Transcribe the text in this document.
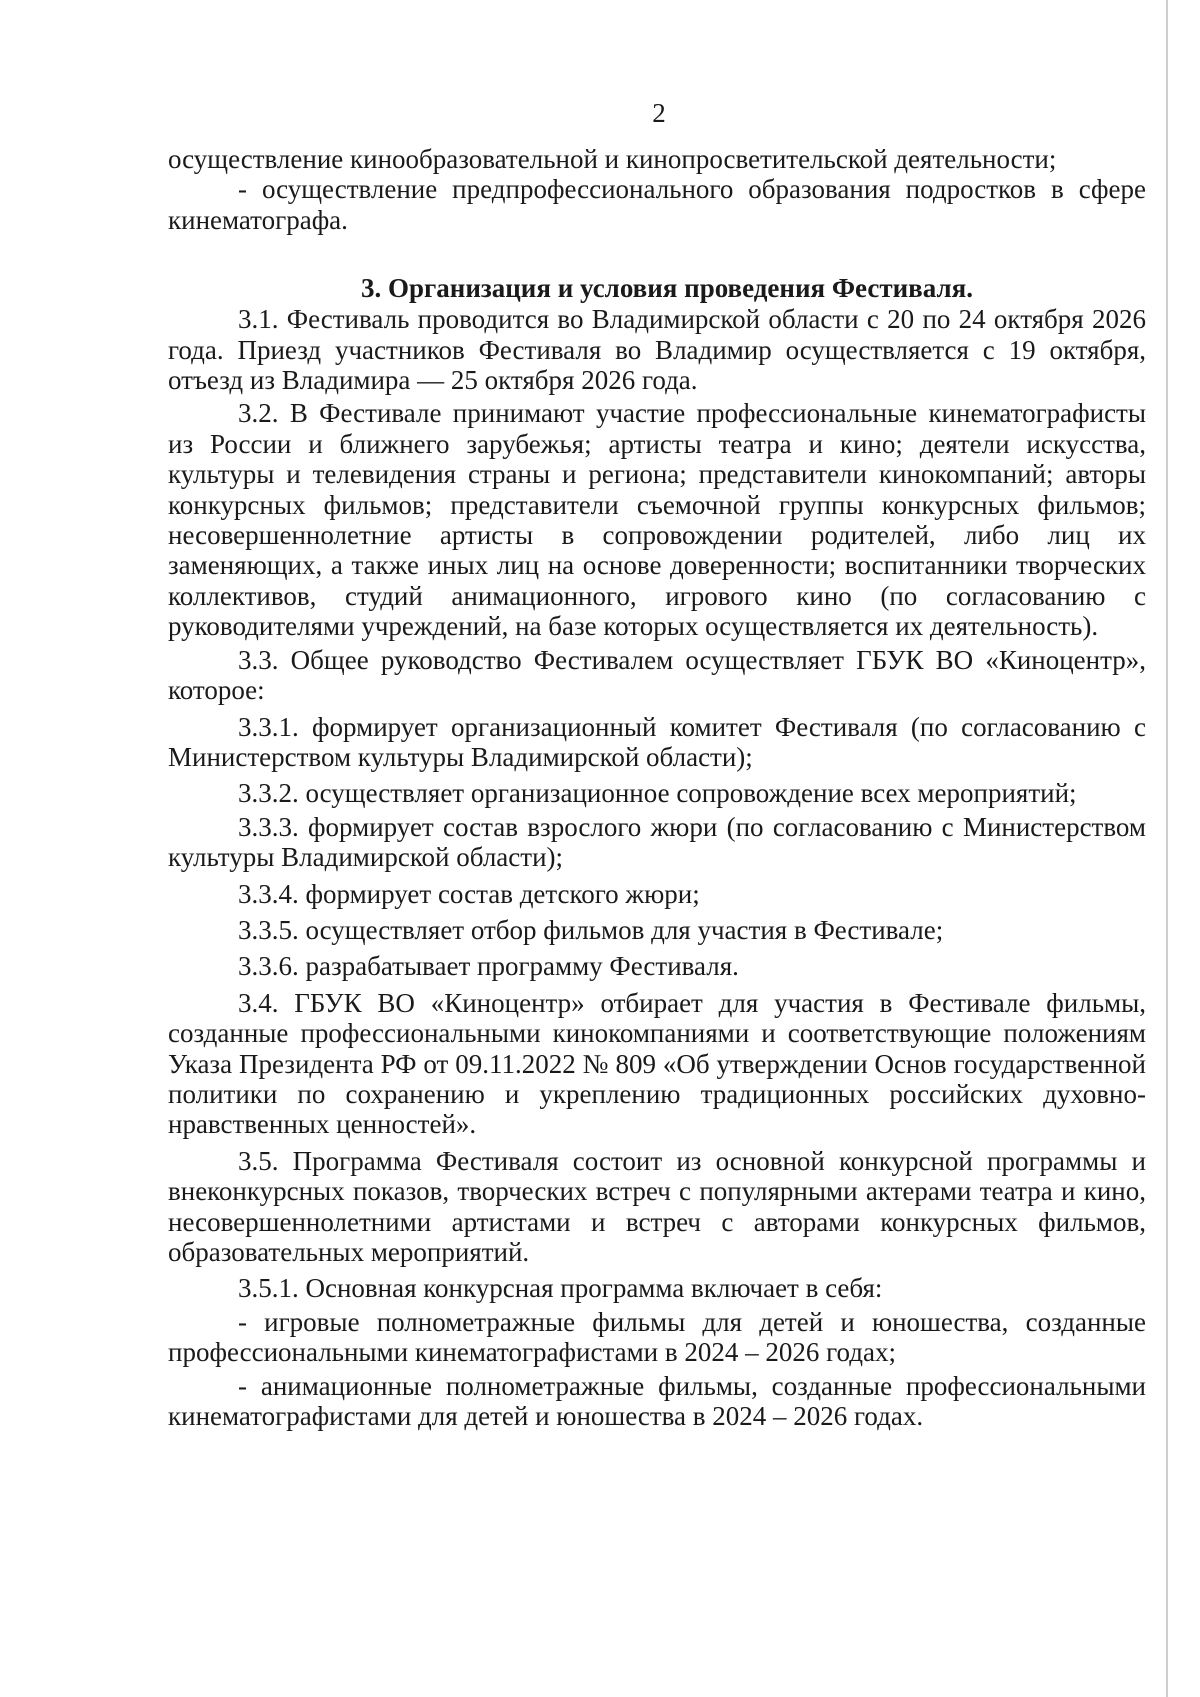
2

осуществление кинообразовательной и кинопросветительской деятельности;

- осуществление предпрофессионального образования подростков в сфере кинематографа.

3. Организация и условия проведения Фестиваля.

3.1. Фестиваль проводится во Владимирской области с 20 по 24 октября 2026 года. Приезд участников Фестиваля во Владимир осуществляется с 19 октября, отъезд из Владимира — 25 октября 2026 года.

3.2. В Фестивале принимают участие профессиональные кинематографисты из России и ближнего зарубежья; артисты театра и кино; деятели искусства, культуры и телевидения страны и региона; представители кинокомпаний; авторы конкурсных фильмов; представители съемочной группы конкурсных фильмов; несовершеннолетние артисты в сопровождении родителей, либо лиц их заменяющих, а также иных лиц на основе доверенности; воспитанники творческих коллективов, студий анимационного, игрового кино (по согласованию с руководителями учреждений, на базе которых осуществляется их деятельность).

3.3. Общее руководство Фестивалем осуществляет ГБУК ВО «Киноцентр», которое:

3.3.1. формирует организационный комитет Фестиваля (по согласованию с Министерством культуры Владимирской области);

3.3.2. осуществляет организационное сопровождение всех мероприятий;

3.3.3. формирует состав взрослого жюри (по согласованию с Министерством культуры Владимирской области);

3.3.4. формирует состав детского жюри;

3.3.5. осуществляет отбор фильмов для участия в Фестивале;

3.3.6. разрабатывает программу Фестиваля.

3.4. ГБУК ВО «Киноцентр» отбирает для участия в Фестивале фильмы, созданные профессиональными кинокомпаниями и соответствующие положениям Указа Президента РФ от 09.11.2022 № 809 «Об утверждении Основ государственной политики по сохранению и укреплению традиционных российских духовно-нравственных ценностей».

3.5. Программа Фестиваля состоит из основной конкурсной программы и внеконкурсных показов, творческих встреч с популярными актерами театра и кино, несовершеннолетними артистами и встреч с авторами конкурсных фильмов, образовательных мероприятий.

3.5.1. Основная конкурсная программа включает в себя:

- игровые полнометражные фильмы для детей и юношества, созданные профессиональными кинематографистами в 2024 – 2026 годах;

- анимационные полнометражные фильмы, созданные профессиональными кинематографистами для детей и юношества в 2024 – 2026 годах.
